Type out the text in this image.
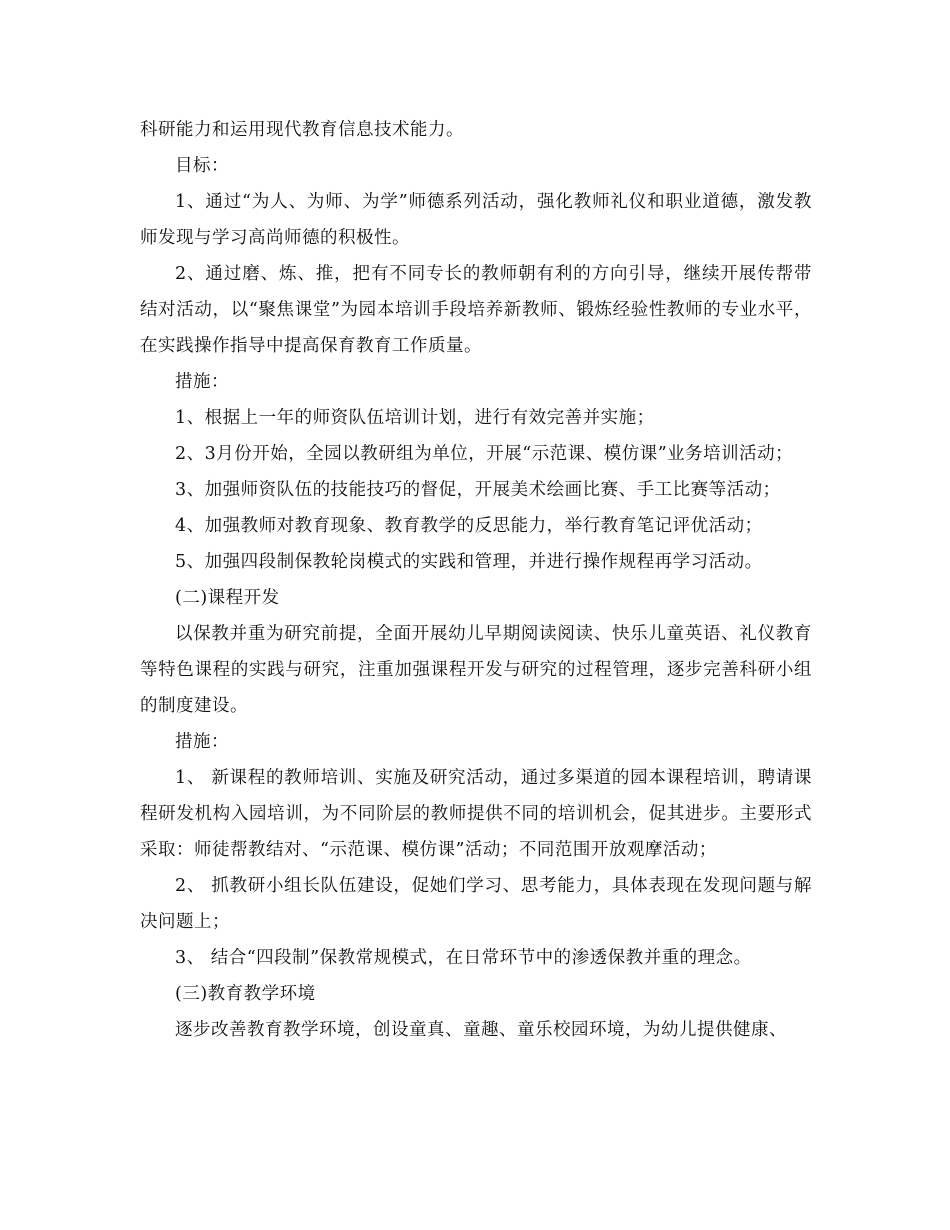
科研能力和运用现代教育信息技术能力。

目标：

1、通过“为人、为师、为学”师德系列活动，强化教师礼仪和职业道德，激发教师发现与学习高尚师德的积极性。

2、通过磨、炼、推，把有不同专长的教师朝有利的方向引导，继续开展传帮带结对活动，以“聚焦课堂”为园本培训手段培养新教师、锻炼经验性教师的专业水平，在实践操作指导中提高保育教育工作质量。

措施：

1、根据上一年的师资队伍培训计划，进行有效完善并实施；

2、3月份开始，全园以教研组为单位，开展“示范课、模仿课”业务培训活动；

3、加强师资队伍的技能技巧的督促，开展美术绘画比赛、手工比赛等活动；

4、加强教师对教育现象、教育教学的反思能力，举行教育笔记评优活动；

5、加强四段制保教轮岗模式的实践和管理，并进行操作规程再学习活动。

(二)课程开发

以保教并重为研究前提，全面开展幼儿早期阅读阅读、快乐儿童英语、礼仪教育等特色课程的实践与研究，注重加强课程开发与研究的过程管理，逐步完善科研小组的制度建设。

措施：

1、 新课程的教师培训、实施及研究活动，通过多渠道的园本课程培训，聘请课程研发机构入园培训，为不同阶层的教师提供不同的培训机会，促其进步。主要形式采取：师徒帮教结对、“示范课、模仿课”活动；不同范围开放观摩活动；

2、 抓教研小组长队伍建设，促她们学习、思考能力，具体表现在发现问题与解决问题上；

3、 结合“四段制”保教常规模式，在日常环节中的渗透保教并重的理念。

(三)教育教学环境

逐步改善教育教学环境，创设童真、童趣、童乐校园环境，为幼儿提供健康、
